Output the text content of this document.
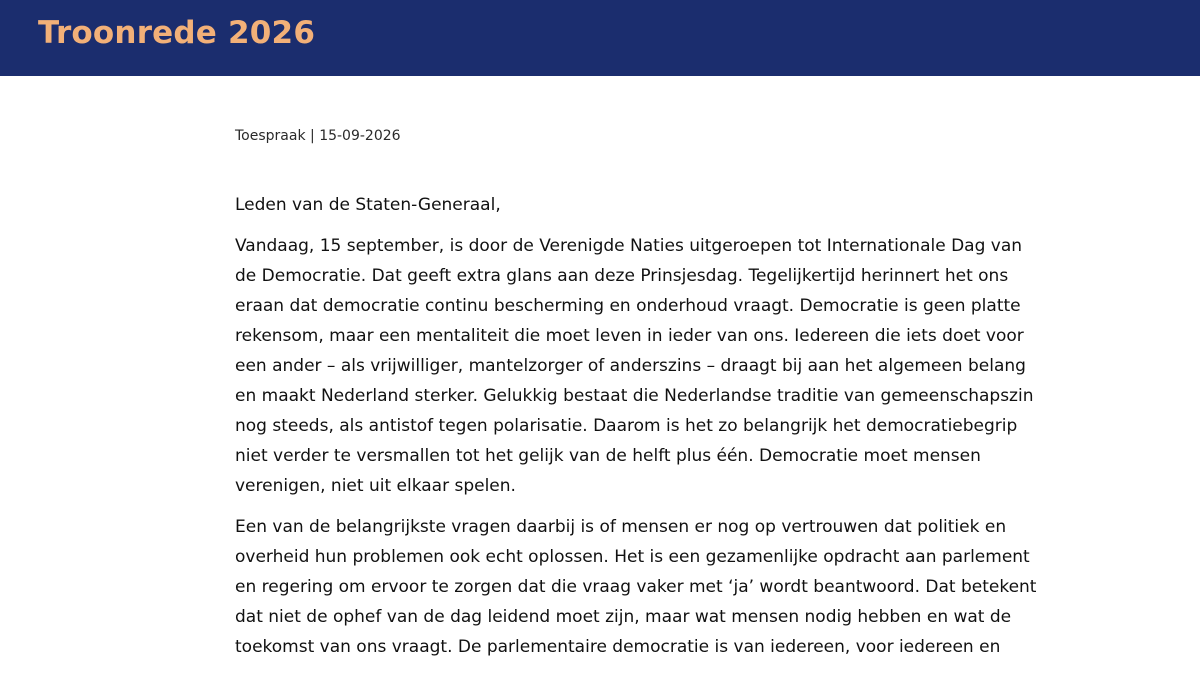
Troonrede 2026

Toespraak | 15-09-2026

Leden van de Staten-Generaal,

Vandaag, 15 september, is door de Verenigde Naties uitgeroepen tot Internationale Dag van
de Democratie. Dat geeft extra glans aan deze Prinsjesdag. Tegelijkertijd herinnert het ons
eraan dat democratie continu bescherming en onderhoud vraagt. Democratie is geen platte
rekensom, maar een mentaliteit die moet leven in ieder van ons. Iedereen die iets doet voor
een ander – als vrijwilliger, mantelzorger of anderszins – draagt bij aan het algemeen belang
en maakt Nederland sterker. Gelukkig bestaat die Nederlandse traditie van gemeenschapszin
nog steeds, als antistof tegen polarisatie. Daarom is het zo belangrijk het democratiebegrip
niet verder te versmallen tot het gelijk van de helft plus één. Democratie moet mensen
verenigen, niet uit elkaar spelen.

Een van de belangrijkste vragen daarbij is of mensen er nog op vertrouwen dat politiek en
overheid hun problemen ook echt oplossen. Het is een gezamenlijke opdracht aan parlement
en regering om ervoor te zorgen dat die vraag vaker met ‘ja’ wordt beantwoord. Dat betekent
dat niet de ophef van de dag leidend moet zijn, maar wat mensen nodig hebben en wat de
toekomst van ons vraagt. De parlementaire democratie is van iedereen, voor iedereen en
